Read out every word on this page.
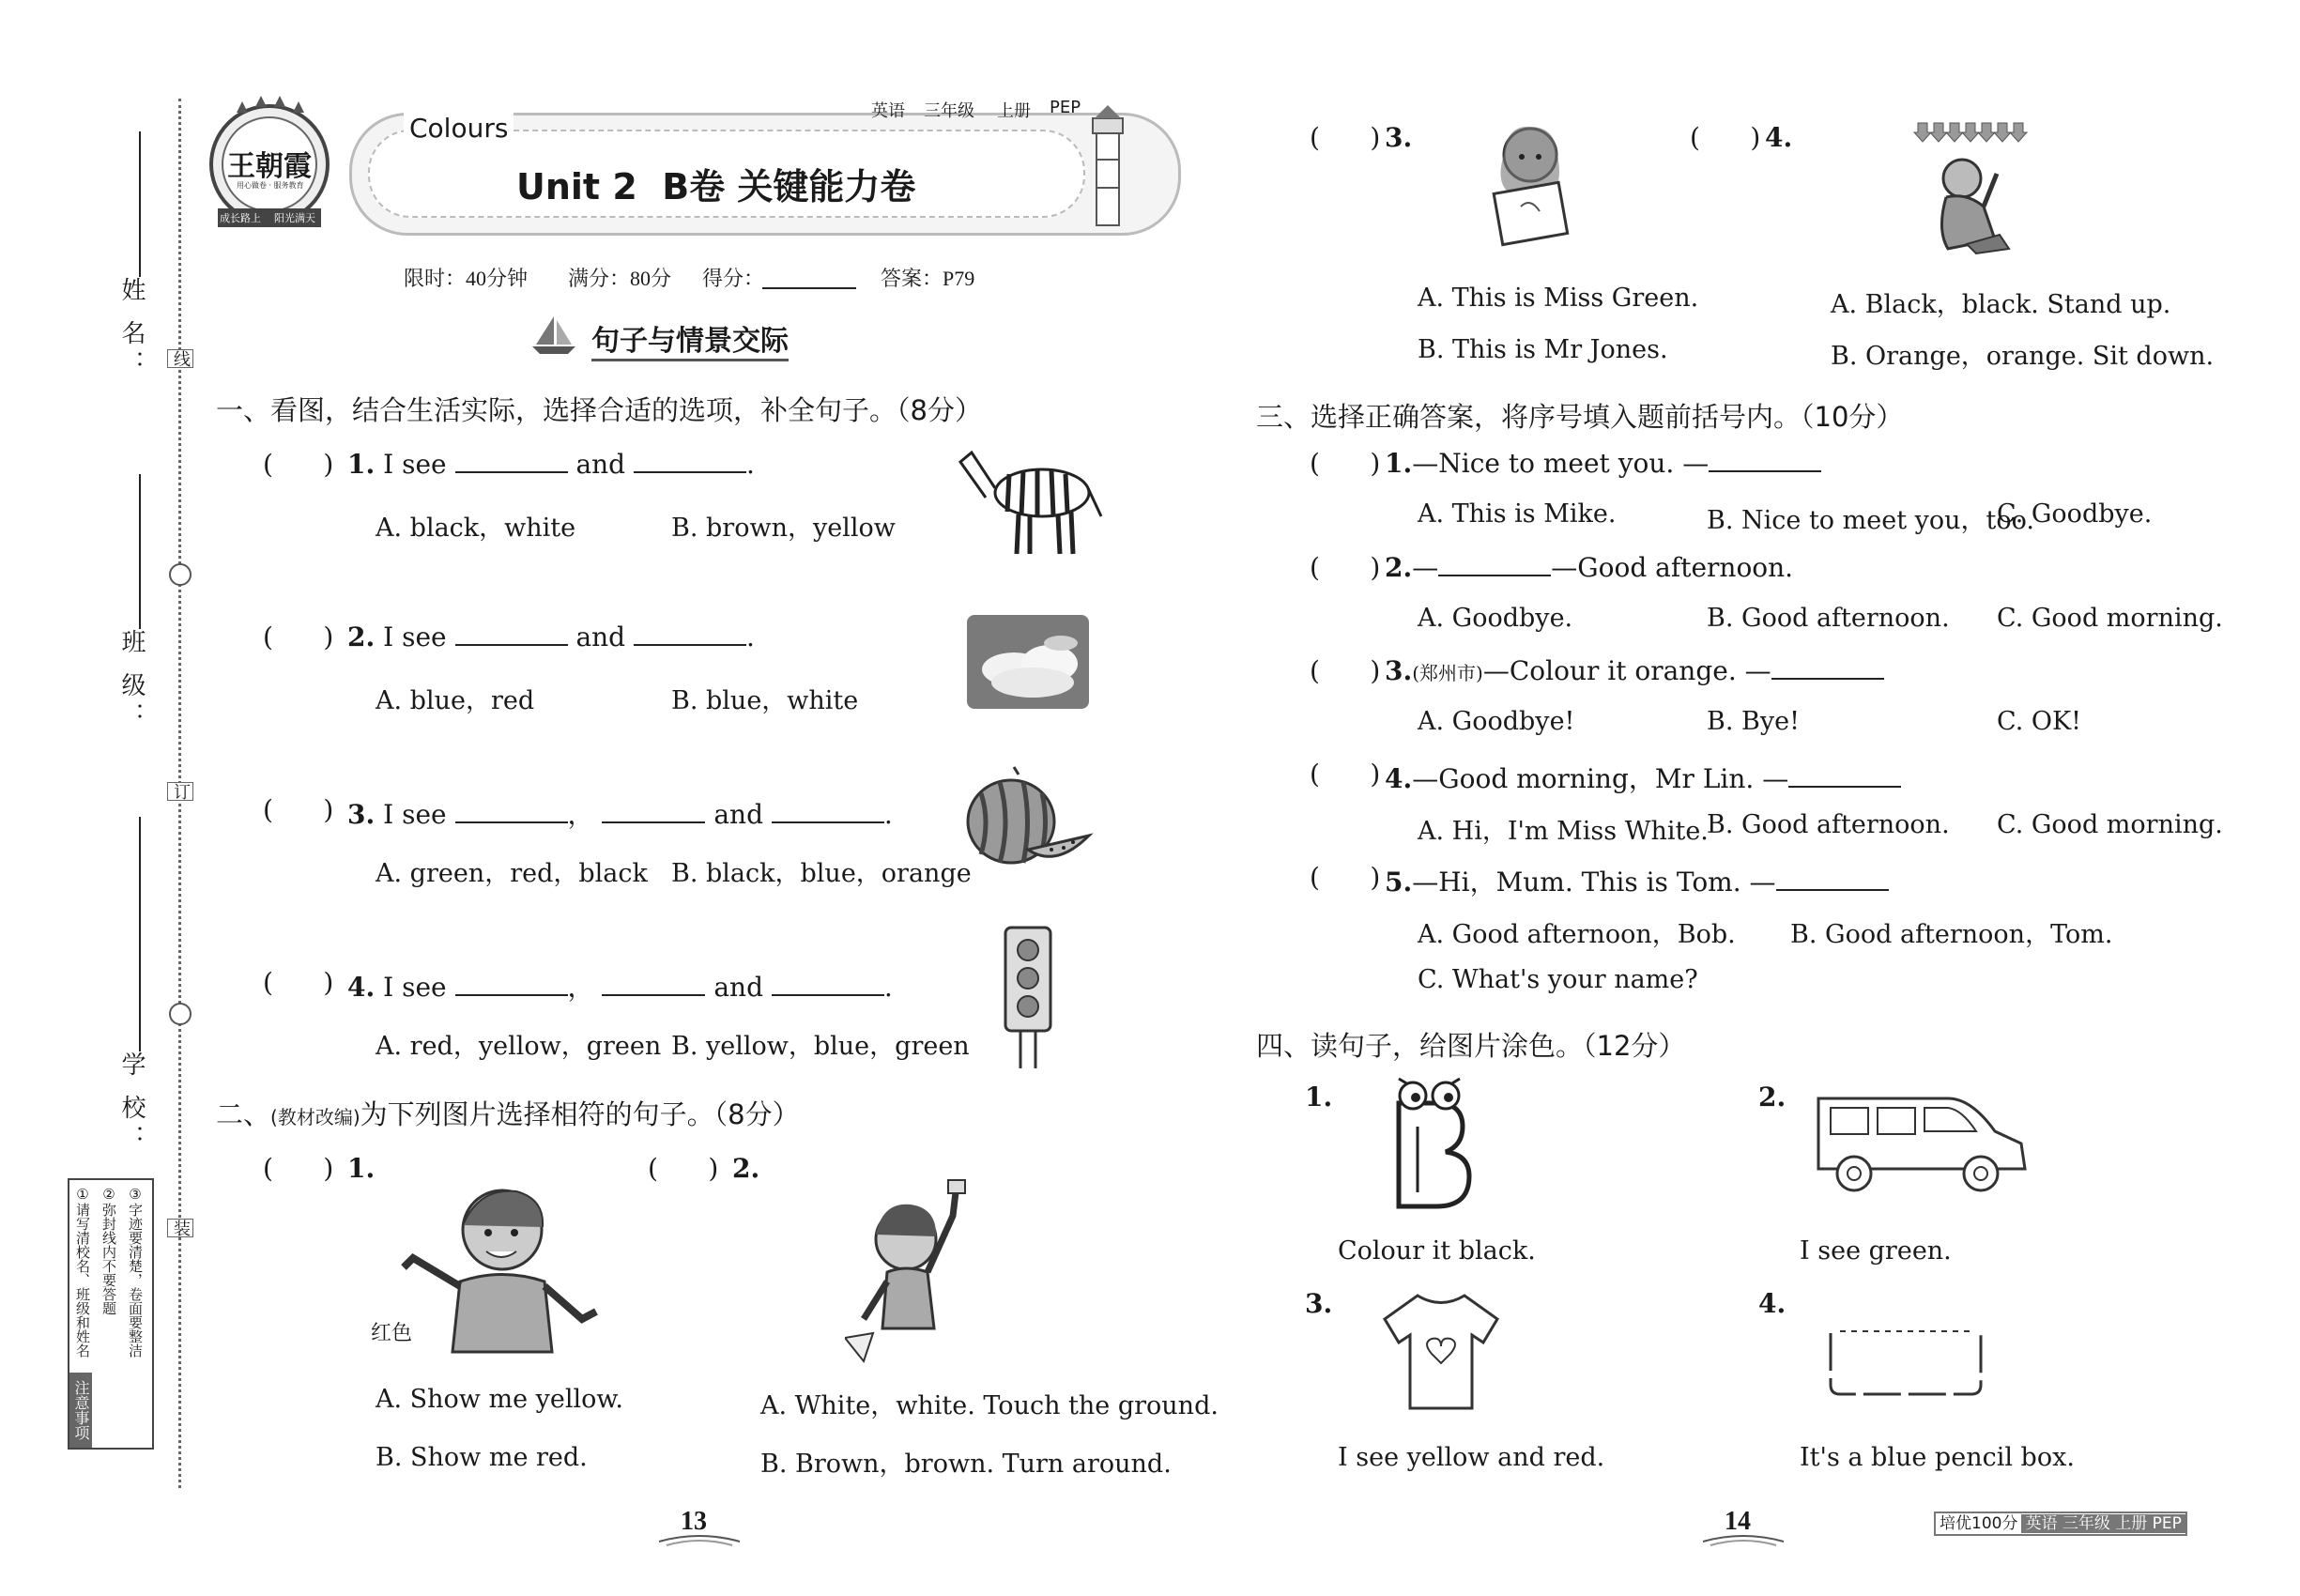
线
订
装
姓 名：
班 级：
学 校：
注意事项
①请写清校名、班级和姓名 ②弥封线内不要答题 ③字迹要清楚，卷面要整洁
王朝霞
成长路上 阳光满天
用心做卷 · 服务教育
Colours
英语 三年级 上册 PEP
Unit 2  B卷 关键能力卷
限时：40分钟 满分：80分 得分：	答案：P79
句子与情景交际
一、看图，结合生活实际，选择合适的选项，补全句子。（8分）
(      ) 1. I see	and	.
A. black，white	B. brown，yellow
(      ) 2. I see	and	.
A. blue，red	B. blue，white
(      ) 3. I see	，	and	.
A. green，red，black B. black，blue，orange
(      ) 4. I see	，	and	.
A. red，yellow，green B. yellow，blue，green
二、(教材改编)为下列图片选择相符的句子。（8分）
(      ) 1.
红色
A. Show me yellow.
B. Show me red.
(      ) 2.
A. White，white. Touch the ground.
B. Brown，brown. Turn around.
13
(      ) 3.
A. This is Miss Green.
B. This is Mr Jones.
(      ) 4.
A. Black，black. Stand up.
B. Orange，orange. Sit down.
三、选择正确答案，将序号填入题前括号内。（10分）
(      ) 1.—Nice to meet you. —
A. This is Mike.	B. Nice to meet you，too.
C. Goodbye.
(      ) 2.—	—Good afternoon.
A. Goodbye.	B. Good afternoon. C. Good morning.
(      ) 3.(郑州市)—Colour it orange. —
A. Goodbye!	B. Bye!	C. OK!
(      ) 4.—Good morning，Mr Lin. —
A. Hi，I'm Miss White.
B. Good afternoon. C. Good morning.
(      ) 5.—Hi，Mum. This is Tom. —
A. Good afternoon，Bob. B. Good afternoon，Tom.
C. What's your name?
四、读句子，给图片涂色。（12分）
1.
Colour it black.
2.
I see green.
3.
I see yellow and red.
4.
It's a blue pencil box.
14	培优100分 英语 三年级 上册 PEP
